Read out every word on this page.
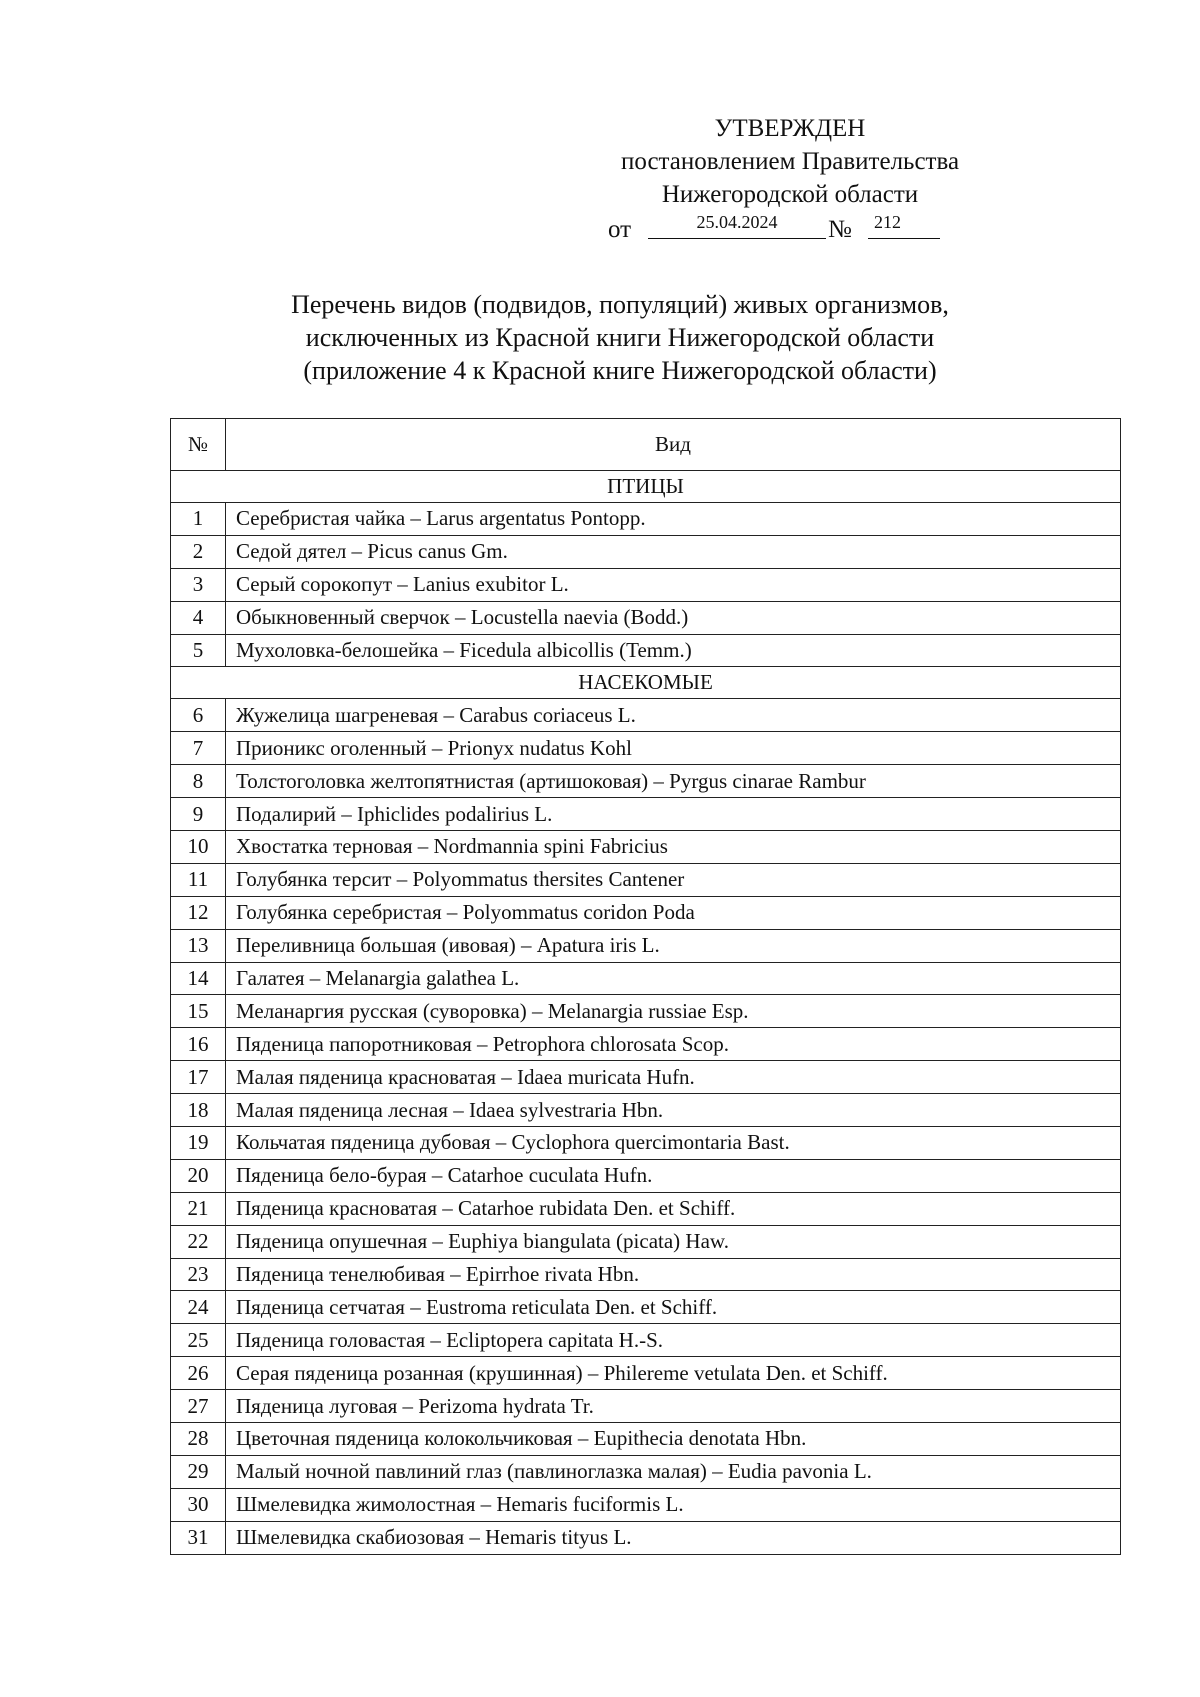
УТВЕРЖДЕН
постановлением Правительства
Нижегородской области
от	25.04.2024	№	212
Перечень видов (подвидов, популяций) живых организмов,
исключенных из Красной книги Нижегородской области
(приложение 4 к Красной книге Нижегородской области)
№	Вид
ПТИЦЫ	
1	Серебристая чайка – Larus argentatus Pontopp.
2	Седой дятел – Picus canus Gm.
3	Серый сорокопут – Lanius exubitor L.
4	Обыкновенный сверчок – Locustella naevia (Bodd.)
5	Мухоловка-белошейка – Ficedula albicollis (Temm.)
НАСЕКОМЫЕ	
6	Жужелица шагреневая – Carabus coriaceus L.
7	Прионикс оголенный – Prionyx nudatus Kohl
8	Толстоголовка желтопятнистая (артишоковая) – Pyrgus cinarae Rambur
9	Подалирий – Iphiclides podalirius L.
10	Хвостатка терновая – Nordmannia spini Fabricius
11	Голубянка терсит – Polyommatus thersites Cantener
12	Голубянка серебристая – Polyommatus coridon Poda
13	Переливница большая (ивовая) – Apatura iris L.
14	Галатея – Melanargia galathea L.
15	Меланаргия русская (суворовка) – Melanargia russiae Esp.
16	Пяденица папоротниковая – Petrophora chlorosata Scop.
17	Малая пяденица красноватая – Idaea muricata Hufn.
18	Малая пяденица лесная – Idaea sylvestraria Hbn.
19	Кольчатая пяденица дубовая – Cyclophora quercimontaria Bast.
20	Пяденица бело-бурая – Catarhoe cuculata Hufn.
21	Пяденица красноватая – Catarhoe rubidata Den. et Schiff.
22	Пяденица опушечная – Euphiya biangulata (picata) Haw.
23	Пяденица тенелюбивая – Epirrhoe rivata Hbn.
24	Пяденица сетчатая – Eustroma reticulata Den. et Schiff.
25	Пяденица головастая – Ecliptopera capitata H.-S.
26	Серая пяденица розанная (крушинная) – Philereme vetulata Den. et Schiff.
27	Пяденица луговая – Perizoma hydrata Tr.
28	Цветочная пяденица колокольчиковая – Eupithecia denotata Hbn.
29	Малый ночной павлиний глаз (павлиноглазка малая) – Eudia pavonia L.
30	Шмелевидка жимолостная – Hemaris fuciformis L.
31	Шмелевидка скабиозовая – Hemaris tityus L.
